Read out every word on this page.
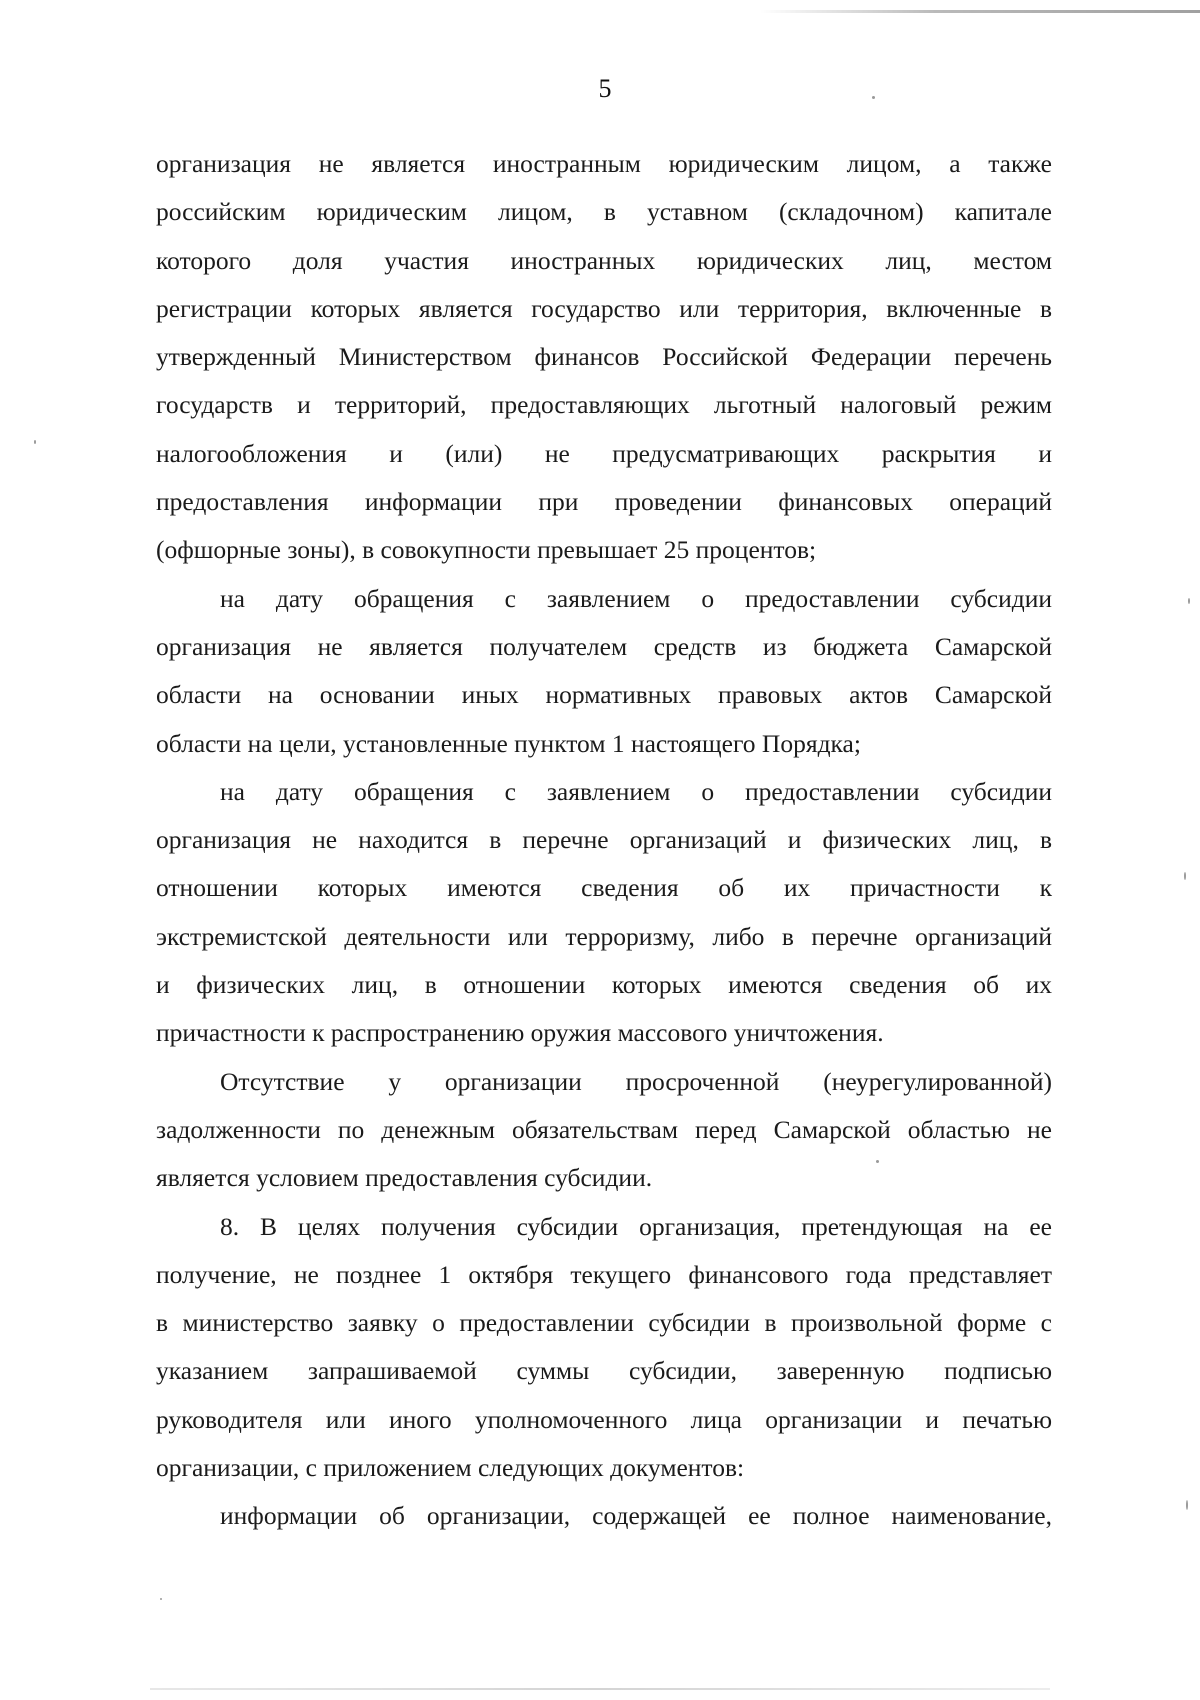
5
организация не является иностранным юридическим лицом, а также
российским юридическим лицом, в уставном (складочном) капитале
которого доля участия иностранных юридических лиц, местом
регистрации которых является государство или территория, включенные в
утвержденный Министерством финансов Российской Федерации перечень
государств и территорий, предоставляющих льготный налоговый режим
налогообложения и (или) не предусматривающих раскрытия и
предоставления информации при проведении финансовых операций
(офшорные зоны), в совокупности превышает 25 процентов;
на дату обращения с заявлением о предоставлении субсидии
организация не является получателем средств из бюджета Самарской
области на основании иных нормативных правовых актов Самарской
области на цели, установленные пунктом 1 настоящего Порядка;
на дату обращения с заявлением о предоставлении субсидии
организация не находится в перечне организаций и физических лиц, в
отношении которых имеются сведения об их причастности к
экстремистской деятельности или терроризму, либо в перечне организаций
и физических лиц, в отношении которых имеются сведения об их
причастности к распространению оружия массового уничтожения.
Отсутствие у организации просроченной (неурегулированной)
задолженности по денежным обязательствам перед Самарской областью не
является условием предоставления субсидии.
8. В целях получения субсидии организация, претендующая на ее
получение, не позднее 1 октября текущего финансового года представляет
в министерство заявку о предоставлении субсидии в произвольной форме с
указанием запрашиваемой суммы субсидии, заверенную подписью
руководителя или иного уполномоченного лица организации и печатью
организации, с приложением следующих документов:
информации об организации, содержащей ее полное наименование,
